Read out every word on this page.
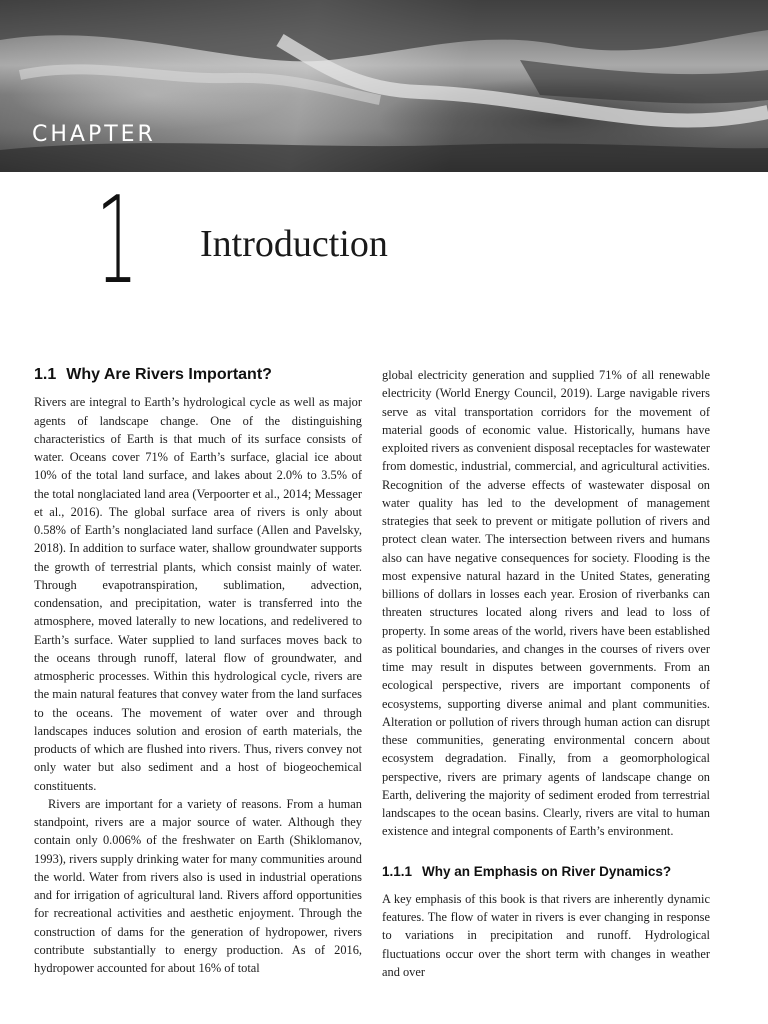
CHAPTER
1 Introduction
1.1 Why Are Rivers Important?

Rivers are integral to Earth’s hydrological cycle as well as major agents of landscape change. One of the distinguishing characteristics of Earth is that much of its surface consists of water. Oceans cover 71% of Earth’s surface, glacial ice about 10% of the total land surface, and lakes about 2.0% to 3.5% of the total nonglaciated land area (Verpoorter et al., 2014; Messager et al., 2016). The global surface area of rivers is only about 0.58% of Earth’s nonglaciated land surface (Allen and Pavelsky, 2018). In addition to surface water, shallow groundwater supports the growth of terrestrial plants, which consist mainly of water. Through evapotranspiration, sublimation, advection, condensation, and precipitation, water is transferred into the atmosphere, moved laterally to new locations, and redelivered to Earth’s surface. Water supplied to land surfaces moves back to the oceans through runoff, lateral flow of groundwater, and atmospheric processes. Within this hydrological cycle, rivers are the main natural features that convey water from the land surfaces to the oceans. The movement of water over and through landscapes induces solution and erosion of earth materials, the products of which are flushed into rivers. Thus, rivers convey not only water but also sediment and a host of biogeochemical constituents.

Rivers are important for a variety of reasons. From a human standpoint, rivers are a major source of water. Although they contain only 0.006% of the freshwater on Earth (Shiklomanov, 1993), rivers supply drinking water for many communities around the world. Water from rivers also is used in industrial operations and for irrigation of agricultural land. Rivers afford opportunities for recreational activities and aesthetic enjoyment. Through the construction of dams for the generation of hydropower, rivers contribute substantially to energy production. As of 2016, hydropower accounted for about 16% of total

global electricity generation and supplied 71% of all renewable electricity (World Energy Council, 2019). Large navigable rivers serve as vital transportation corridors for the movement of material goods of economic value. Historically, humans have exploited rivers as convenient disposal receptacles for wastewater from domestic, industrial, commercial, and agricultural activities. Recognition of the adverse effects of wastewater disposal on water quality has led to the development of management strategies that seek to prevent or mitigate pollution of rivers and protect clean water. The intersection between rivers and humans also can have negative consequences for society. Flooding is the most expensive natural hazard in the United States, generating billions of dollars in losses each year. Erosion of riverbanks can threaten structures located along rivers and lead to loss of property. In some areas of the world, rivers have been established as political boundaries, and changes in the courses of rivers over time may result in disputes between governments. From an ecological perspective, rivers are important components of ecosystems, supporting diverse animal and plant communities. Alteration or pollution of rivers through human action can disrupt these communities, generating environmental concern about ecosystem degradation. Finally, from a geomorphological perspective, rivers are primary agents of landscape change on Earth, delivering the majority of sediment eroded from terrestrial landscapes to the ocean basins. Clearly, rivers are vital to human existence and integral components of Earth’s environment.

1.1.1 Why an Emphasis on River Dynamics?

A key emphasis of this book is that rivers are inherently dynamic features. The flow of water in rivers is ever changing in response to variations in precipitation and runoff. Hydrological fluctuations occur over the short term with changes in weather and over
